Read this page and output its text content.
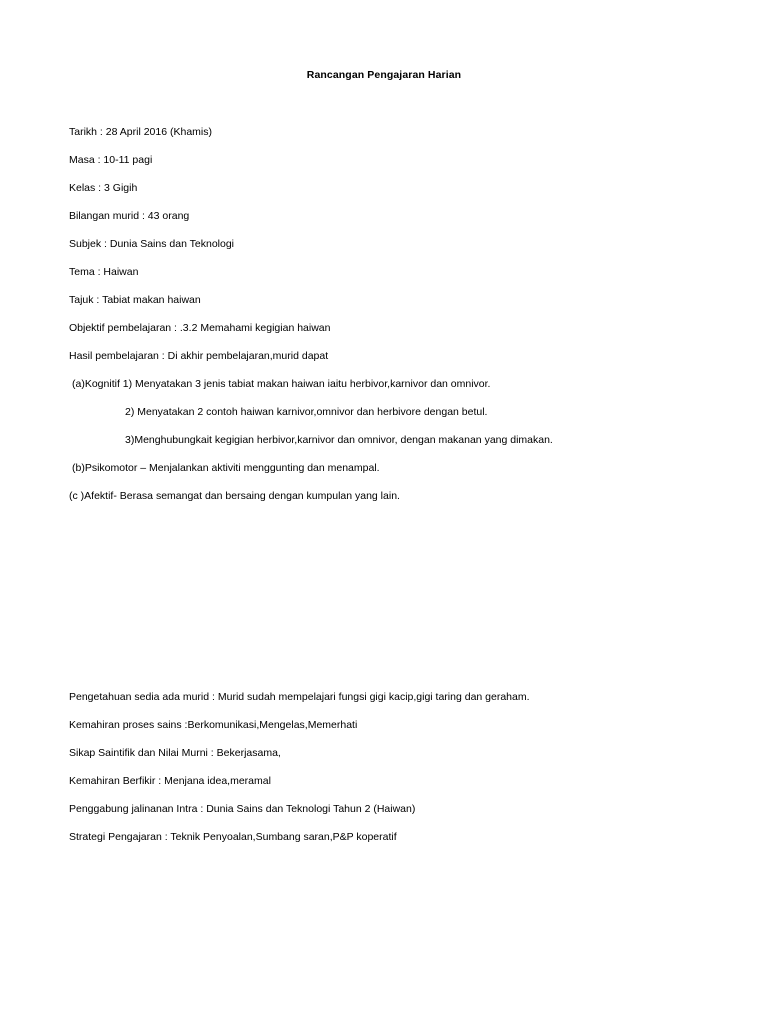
Rancangan Pengajaran Harian
Tarikh : 28 April 2016 (Khamis)
Masa : 10-11 pagi
Kelas : 3 Gigih
Bilangan murid : 43 orang
Subjek : Dunia Sains dan Teknologi
Tema : Haiwan
Tajuk : Tabiat makan haiwan
Objektif pembelajaran : .3.2 Memahami kegigian haiwan
Hasil pembelajaran : Di akhir pembelajaran,murid dapat
(a)Kognitif 1) Menyatakan 3 jenis tabiat makan haiwan iaitu herbivor,karnivor dan omnivor.
2) Menyatakan 2 contoh haiwan karnivor,omnivor dan herbivore dengan betul.
3)Menghubungkait kegigian herbivor,karnivor dan omnivor, dengan makanan yang dimakan.
(b)Psikomotor – Menjalankan aktiviti menggunting dan menampal.
(c )Afektif- Berasa semangat dan bersaing dengan kumpulan yang lain.
Pengetahuan sedia ada murid : Murid sudah mempelajari fungsi gigi kacip,gigi taring dan geraham.
Kemahiran proses sains :Berkomunikasi,Mengelas,Memerhati
Sikap Saintifik dan Nilai Murni : Bekerjasama,
Kemahiran Berfikir : Menjana idea,meramal
Penggabung jalinanan Intra : Dunia Sains dan Teknologi Tahun 2 (Haiwan)
Strategi Pengajaran : Teknik Penyoalan,Sumbang saran,P&P koperatif
